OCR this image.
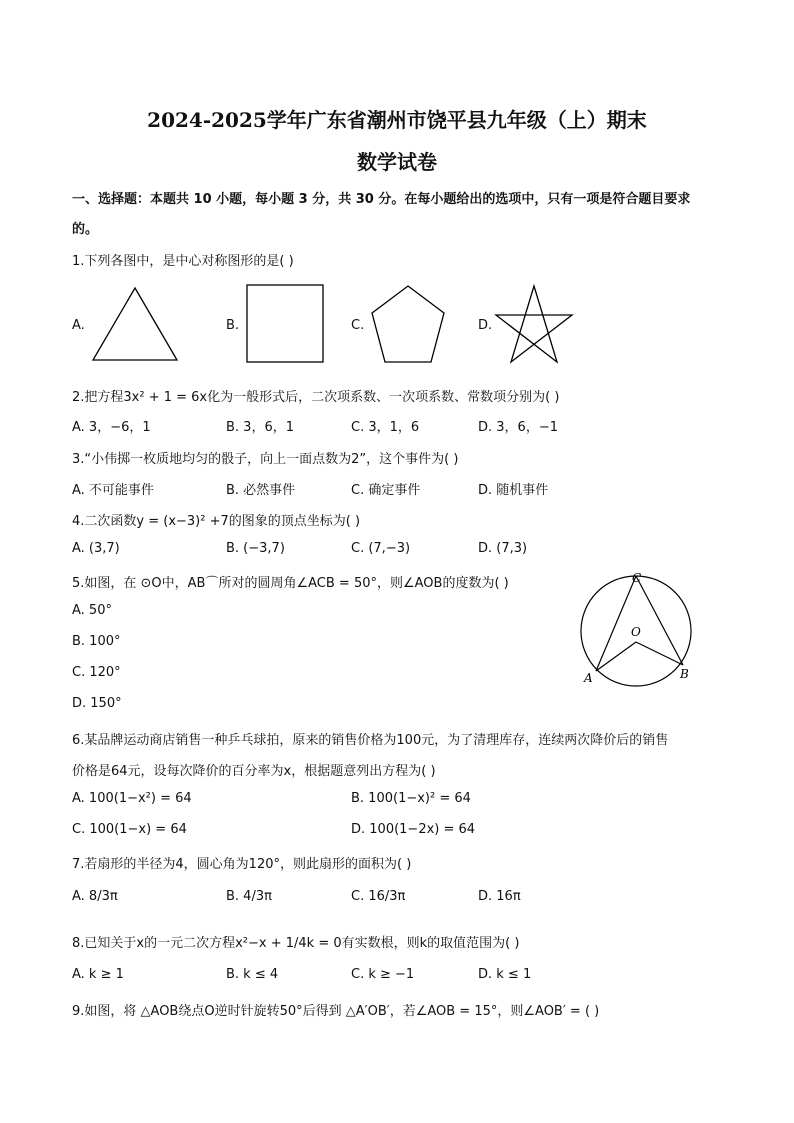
2024-2025学年广东省潮州市饶平县九年级（上）期末
数学试卷
一、选择题：本题共 10 小题，每小题 3 分，共 30 分。在每小题给出的选项中，只有一项是符合题目要求
的。
1.下列各图中，是中心对称图形的是( )
A.	B.	C.	D.
2.把方程3x² + 1 = 6x化为一般形式后，二次项系数、一次项系数、常数项分别为( )
A. 3，−6，1	B. 3，6，1	C. 3，1，6	D. 3，6，−1
3.“小伟掷一枚质地均匀的骰子，向上一面点数为2”，这个事件为( )
A. 不可能事件	B. 必然事件	C. 确定事件	D. 随机事件
4.二次函数y = (x−3)² +7的图象的顶点坐标为( )
A. (3,7)	B. (−3,7)	C. (7,−3)	D. (7,3)
5.如图，在 ⊙O中，AB⌒所对的圆周角∠ACB = 50°，则∠AOB的度数为( )
A. 50°
B. 100°
C. 120°
D. 150°
C
O
A	B
6.某品牌运动商店销售一种乒乓球拍，原来的销售价格为100元，为了清理库存，连续两次降价后的销售
价格是64元，设每次降价的百分率为x，根据题意列出方程为( )
A. 100(1−x²) = 64	B. 100(1−x)² = 64
C. 100(1−x) = 64	D. 100(1−2x) = 64
7.若扇形的半径为4，圆心角为120°，则此扇形的面积为( )
A. 8/3π	B. 4/3π	C. 16/3π	D. 16π
8.已知关于x的一元二次方程x²−x + 1/4k = 0有实数根，则k的取值范围为( )
A. k ≥ 1	B. k ≤ 4	C. k ≥ −1	D. k ≤ 1
9.如图，将 △AOB绕点O逆时针旋转50°后得到 △A′OB′，若∠AOB = 15°，则∠AOB′ = ( )
